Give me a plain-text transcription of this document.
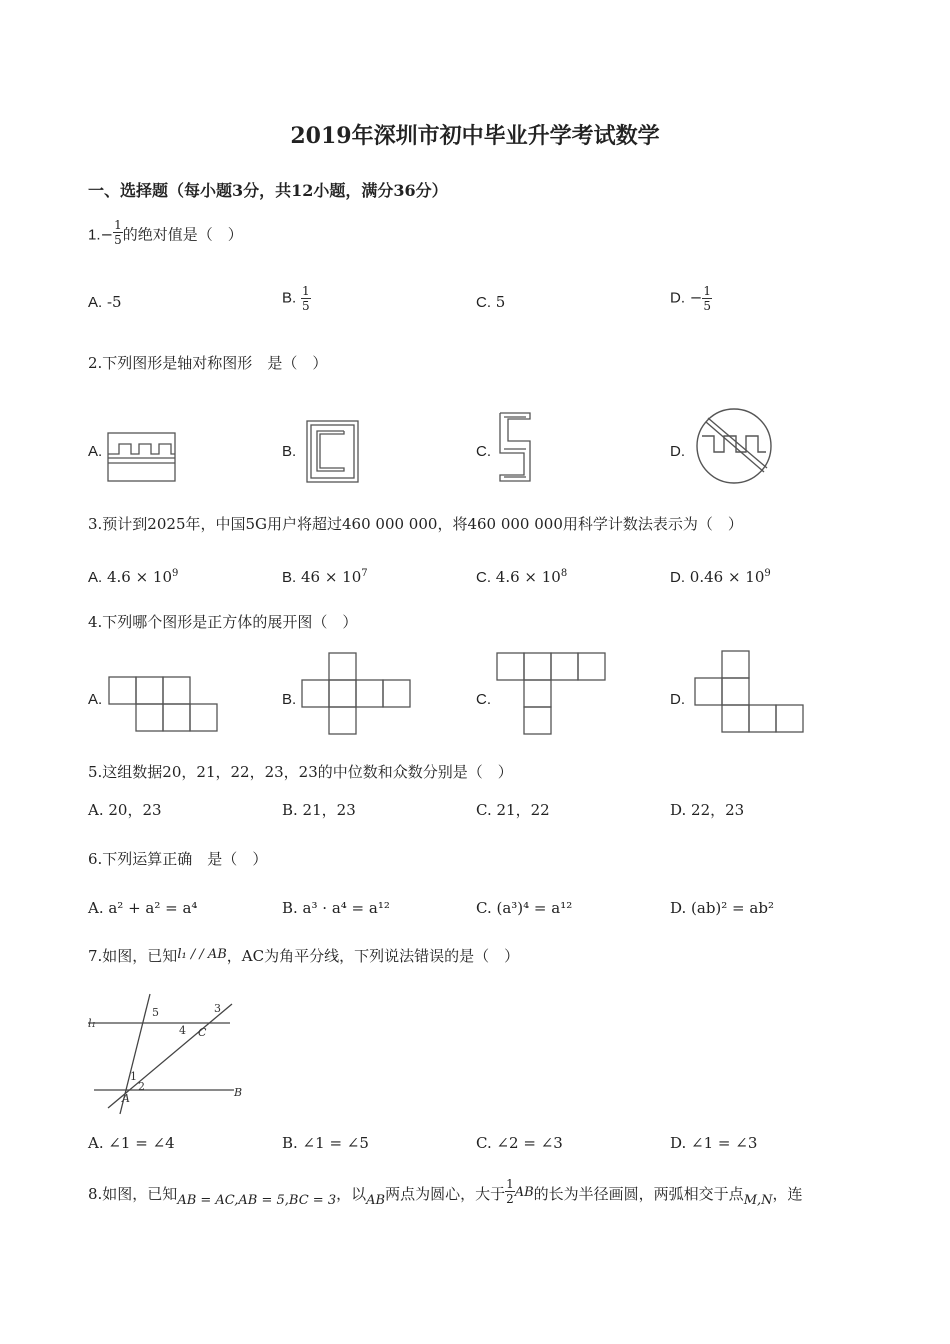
2019年深圳市初中毕业升学考试数学
一、选择题（每小题3分，共12小题，满分36分）
$1.-\frac{1}{5}$ 的绝对值是（　）
A. -5	B. $\frac{1}{5}$	C. 5	D. $-\frac{1}{5}$
2.下列图形是轴对称图形　是（　）
A.	B.	C.	D.
3.预计到2025年，中国5G用户将超过460 000 000，将460 000 000用科学计数法表示为（　）
A. $4.6 \times 10^9$	B. $46 \times 10^7$	C. $4.6 \times 10^8$	D. $0.46 \times 10^9$
4.下列哪个图形是正方体的展开图（　）
A.	B.	C.	D.
5.这组数据20，21，22，23，23的中位数和众数分别是（　）
A. 20，23	B. 21，23	C. 21，22	D. 22，23
6.下列运算正确　是（　）
A. a² + a² = a⁴	B. a³ · a⁴ = a¹²	C. (a³)⁴ = a¹²	D. (ab)² = ab²
7.如图，已知l₁ / / AB，AC为角平分线，下列说法错误的是（　）
l₁
5	3
4 C
1
2
A	B
A. ∠1 = ∠4	B. ∠1 = ∠5	C. ∠2 = ∠3	D. ∠1 = ∠3
8.如图，已知AB = AC,AB = 5,BC = 3，以AB两点为圆心，大于$\frac{1}{2}$ AB的长为半径画圆，两弧相交于点M,N，连
